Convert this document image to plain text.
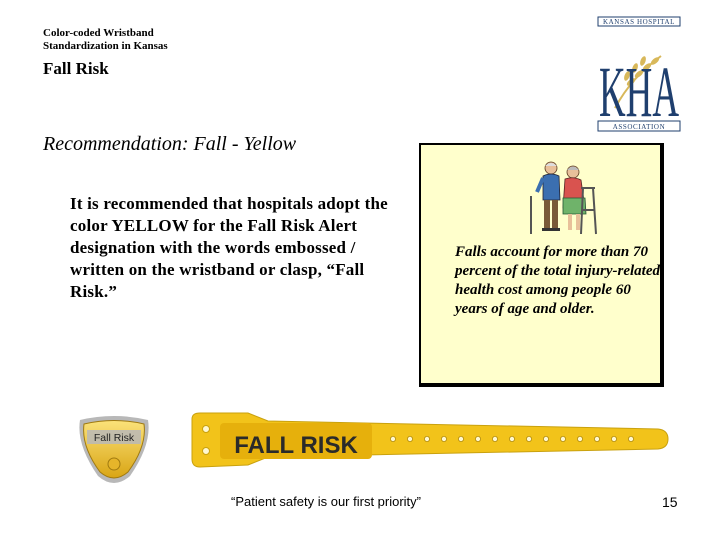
Color-coded Wristband
Standardization in Kansas
Fall Risk
KANSAS HOSPITAL
KHA
ASSOCIATION
Recommendation: Fall - Yellow
It is recommended that hospitals adopt the color YELLOW for the Fall Risk Alert designation with the words embossed / written on the wristband or clasp, “Fall Risk.”
Falls account for more than 70 percent of the total injury-related health cost among people 60 years of age and older.
Fall Risk	FALL RISK
“Patient safety is our first priority”	15
